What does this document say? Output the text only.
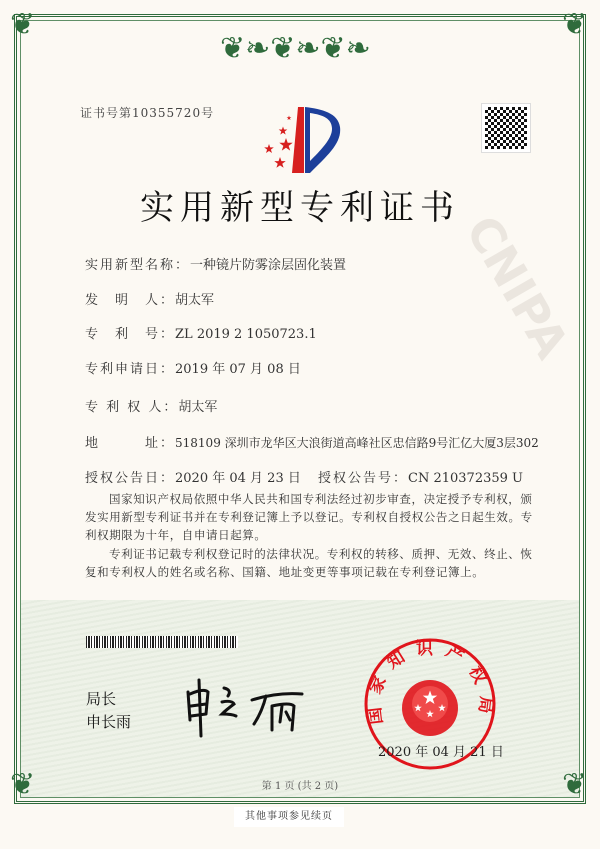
❦❧❦❧❦❧
❦	❦
❦	❦
CNIPA
证书号第10355720号
实用新型专利证书
实用新型名称：一种镜片防雾涂层固化装置
发　明　人：胡太军
专　利　号：ZL 2019 2 1050723.1
专利申请日：2019 年 07 月 08 日
专 利 权 人：胡太军
地　　　址：518109 深圳市龙华区大浪街道高峰社区忠信路9号汇亿大厦3层302
授权公告日：2020 年 04 月 23 日 授权公告号：CN 210372359 U
国家知识产权局依照中华人民共和国专利法经过初步审查，决定授予专利权，颁发实用新型专利证书并在专利登记簿上予以登记。专利权自授权公告之日起生效。专利权期限为十年，自申请日起算。
专利证书记载专利权登记时的法律状况。专利权的转移、质押、无效、终止、恢复和专利权人的姓名或名称、国籍、地址变更等事项记载在专利登记簿上。
局长
申长雨	国家知识产权局
2020 年 04 月 21 日
第 1 页 (共 2 页)
其他事项参见续页
